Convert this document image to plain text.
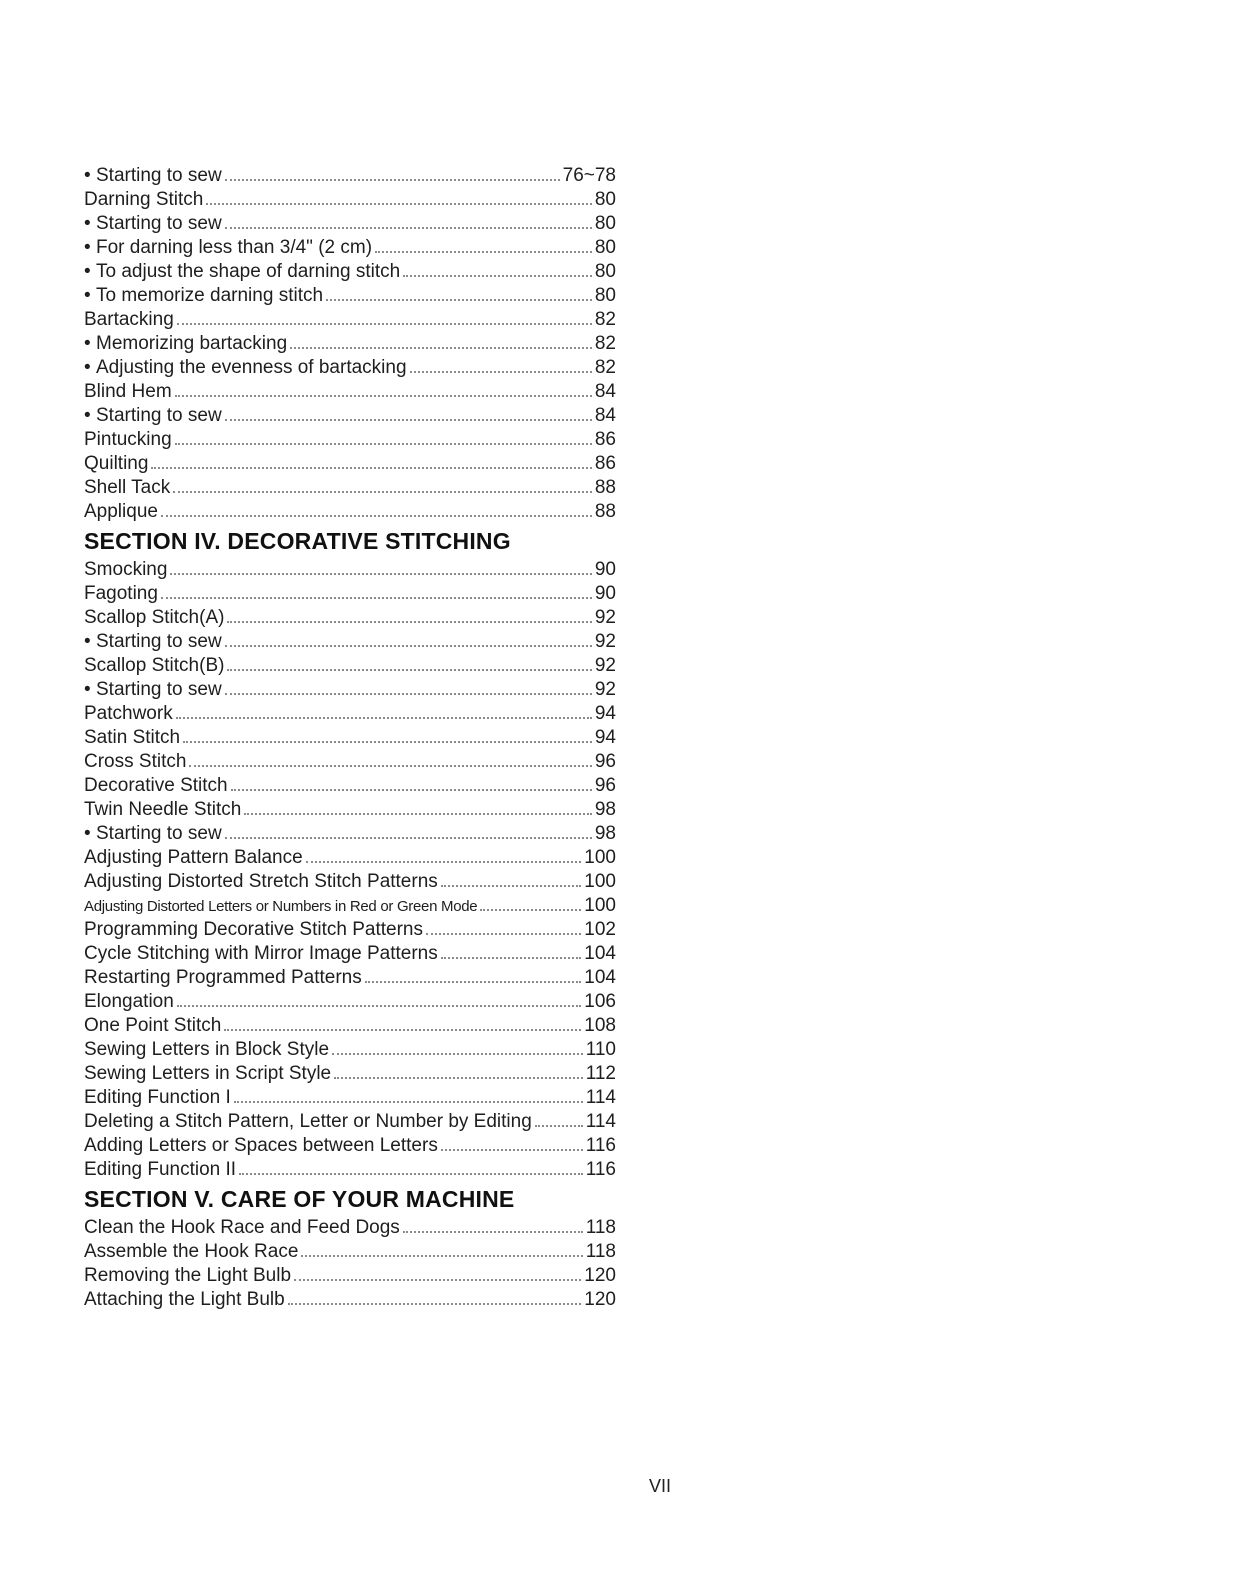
• Starting to sew	76~78
Darning Stitch	80
• Starting to sew	80
• For darning less than 3/4" (2 cm)	80
• To adjust the shape of darning stitch	80
• To memorize darning stitch	80
Bartacking	82
• Memorizing bartacking	82
• Adjusting the evenness of bartacking	82
Blind Hem	84
• Starting to sew	84
Pintucking	86
Quilting	86
Shell Tack	88
Applique	88
SECTION IV. DECORATIVE STITCHING
Smocking	90
Fagoting	90
Scallop Stitch(A)	92
• Starting to sew	92
Scallop Stitch(B)	92
• Starting to sew	92
Patchwork	94
Satin Stitch	94
Cross Stitch	96
Decorative Stitch	96
Twin Needle Stitch	98
• Starting to sew	98
Adjusting Pattern Balance	100
Adjusting Distorted Stretch Stitch Patterns	100
Adjusting Distorted Letters or Numbers in Red or Green Mode	100
Programming Decorative Stitch Patterns	102
Cycle Stitching with Mirror Image Patterns	104
Restarting Programmed Patterns	104
Elongation	106
One Point Stitch	108
Sewing Letters in Block Style	110
Sewing Letters in Script Style	112
Editing Function I	114
Deleting a Stitch Pattern, Letter or Number by Editing	114
Adding Letters or Spaces between Letters	116
Editing Function II	116
SECTION V. CARE OF YOUR MACHINE
Clean the Hook Race and Feed Dogs	118
Assemble the Hook Race	118
Removing the Light Bulb	120
Attaching the Light Bulb	120
VII
